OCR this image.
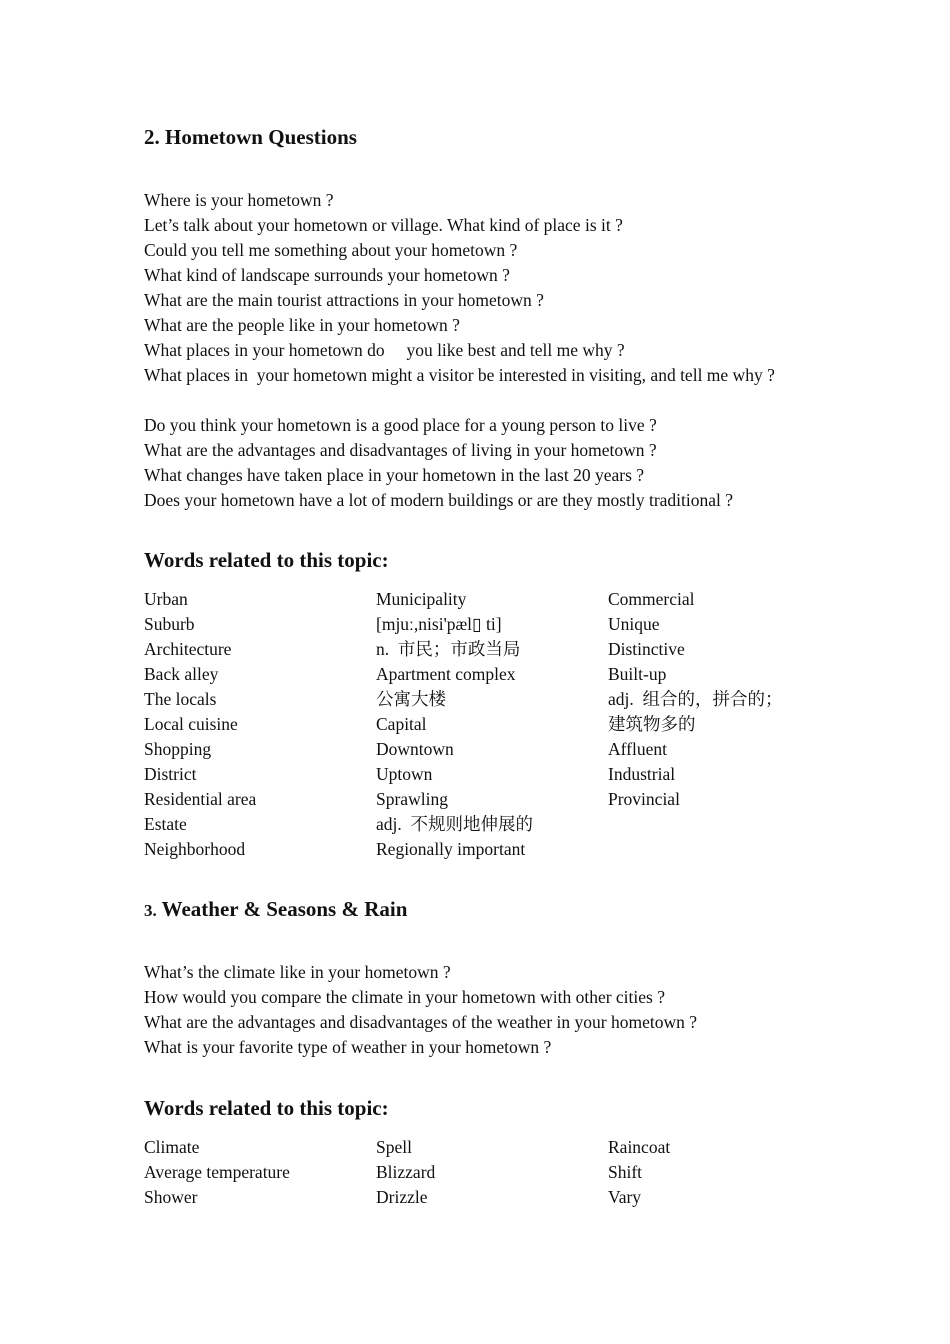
2. Hometown Questions
Where is your hometown ?
Let’s talk about your hometown or village. What kind of place is it ?
Could you tell me something about your hometown ?
What kind of landscape surrounds your hometown ?
What are the main tourist attractions in your hometown ?
What are the people like in your hometown ?
What places in your hometown do     you like best and tell me why ?
What places in  your hometown might a visitor be interested in visiting, and tell me why ?
Do you think your hometown is a good place for a young person to live ?
What are the advantages and disadvantages of living in your hometown ?
What changes have taken place in your hometown in the last 20 years ?
Does your hometown have a lot of modern buildings or are they mostly traditional ?
Words related to this topic:
Urban
Suburb
Architecture
Back alley
The locals
Local cuisine
Shopping
District
Residential area
Estate
Neighborhood
Municipality
[mjuː,nisi'pæl▯ ti]
n.  市民；市政当局
Apartment complex
公寓大楼
Capital
Downtown
Uptown
Sprawling
adj.  不规则地伸展的
Regionally important
Commercial
Unique
Distinctive
Built-up
adj.  组合的，拼合的；
建筑物多的
Affluent
Industrial
Provincial
3. Weather & Seasons & Rain
What’s the climate like in your hometown ?
How would you compare the climate in your hometown with other cities ?
What are the advantages and disadvantages of the weather in your hometown ?
What is your favorite type of weather in your hometown ?
Words related to this topic:
Climate
Average temperature
Shower
Spell
Blizzard
Drizzle
Raincoat
Shift
Vary
